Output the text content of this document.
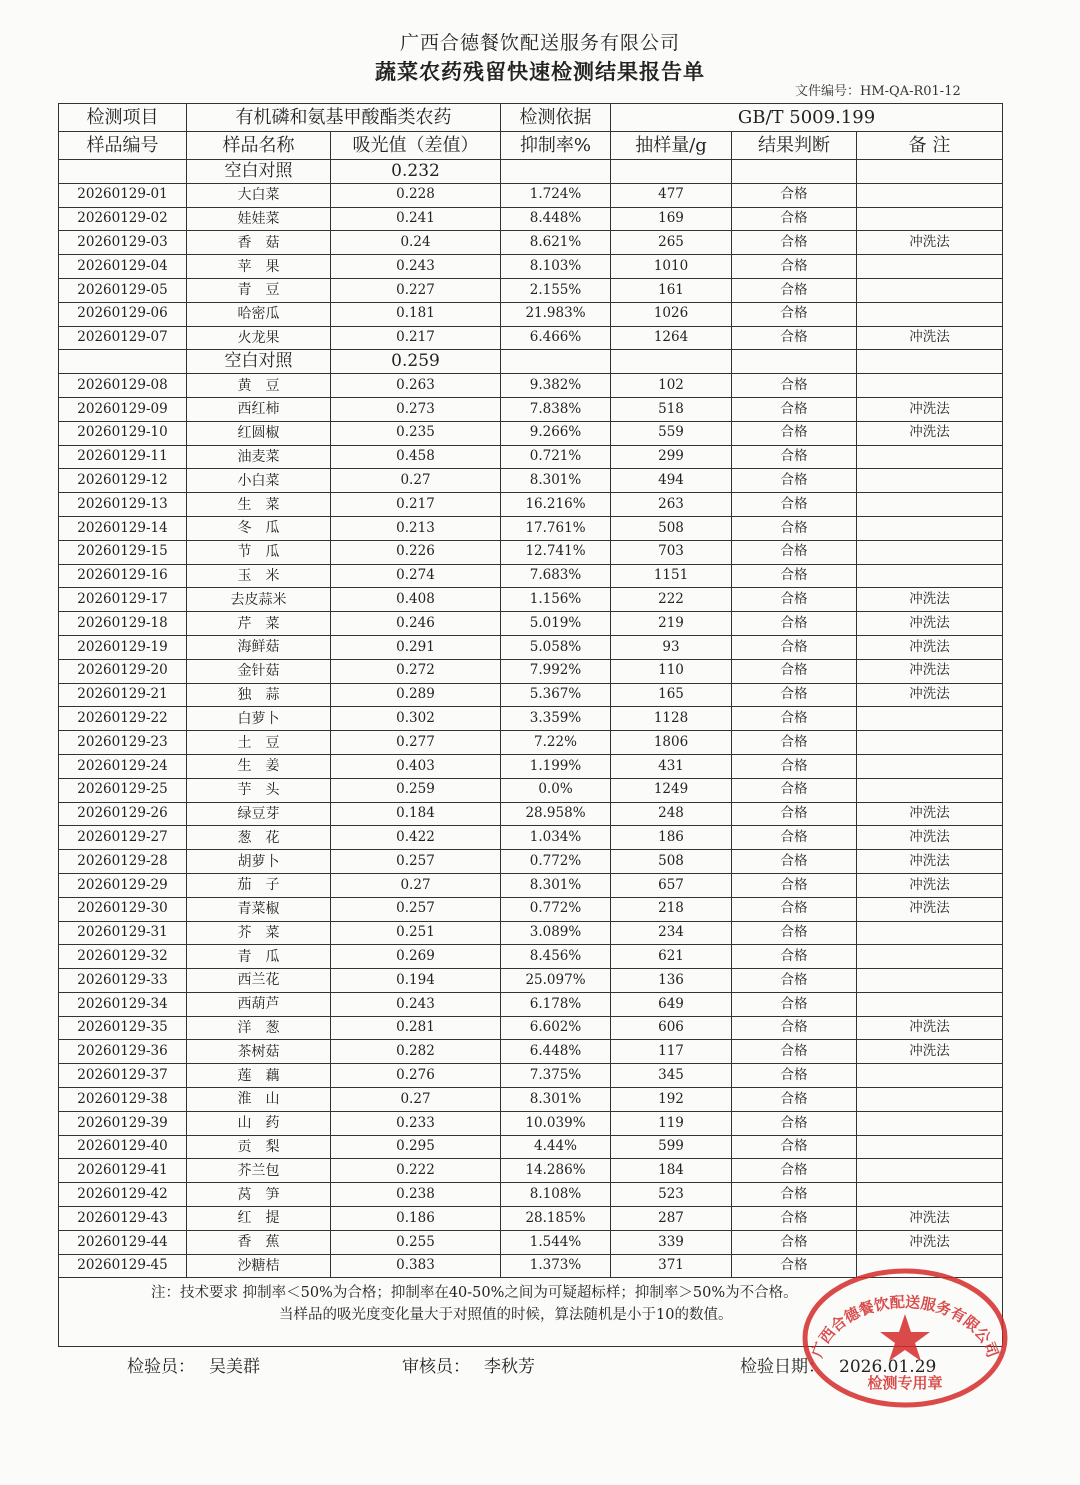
广西合德餐饮配送服务有限公司
蔬菜农药残留快速检测结果报告单
文件编号：HM-QA-R01-12
检测项目	有机磷和氨基甲酸酯类农药		检测依据	GB/T 5009.199		
样品编号	样品名称	吸光值（差值）	抑制率%	抽样量/g	结果判断	备 注
	空白对照	0.232				
20260129-01	大白菜	0.228	1.724%	477	合格	
20260129-02	娃娃菜	0.241	8.448%	169	合格	
20260129-03	香　菇	0.24	8.621%	265	合格	冲洗法
20260129-04	苹　果	0.243	8.103%	1010	合格	
20260129-05	青　豆	0.227	2.155%	161	合格	
20260129-06	哈密瓜	0.181	21.983%	1026	合格	
20260129-07	火龙果	0.217	6.466%	1264	合格	冲洗法
	空白对照	0.259				
20260129-08	黄　豆	0.263	9.382%	102	合格	
20260129-09	西红柿	0.273	7.838%	518	合格	冲洗法
20260129-10	红圆椒	0.235	9.266%	559	合格	冲洗法
20260129-11	油麦菜	0.458	0.721%	299	合格	
20260129-12	小白菜	0.27	8.301%	494	合格	
20260129-13	生　菜	0.217	16.216%	263	合格	
20260129-14	冬　瓜	0.213	17.761%	508	合格	
20260129-15	节　瓜	0.226	12.741%	703	合格	
20260129-16	玉　米	0.274	7.683%	1151	合格	
20260129-17	去皮蒜米	0.408	1.156%	222	合格	冲洗法
20260129-18	芹　菜	0.246	5.019%	219	合格	冲洗法
20260129-19	海鲜菇	0.291	5.058%	93	合格	冲洗法
20260129-20	金针菇	0.272	7.992%	110	合格	冲洗法
20260129-21	独　蒜	0.289	5.367%	165	合格	冲洗法
20260129-22	白萝卜	0.302	3.359%	1128	合格	
20260129-23	土　豆	0.277	7.22%	1806	合格	
20260129-24	生　姜	0.403	1.199%	431	合格	
20260129-25	芋　头	0.259	0.0%	1249	合格	
20260129-26	绿豆芽	0.184	28.958%	248	合格	冲洗法
20260129-27	葱　花	0.422	1.034%	186	合格	冲洗法
20260129-28	胡萝卜	0.257	0.772%	508	合格	冲洗法
20260129-29	茄　子	0.27	8.301%	657	合格	冲洗法
20260129-30	青菜椒	0.257	0.772%	218	合格	冲洗法
20260129-31	芥　菜	0.251	3.089%	234	合格	
20260129-32	青　瓜	0.269	8.456%	621	合格	
20260129-33	西兰花	0.194	25.097%	136	合格	
20260129-34	西葫芦	0.243	6.178%	649	合格	
20260129-35	洋　葱	0.281	6.602%	606	合格	冲洗法
20260129-36	茶树菇	0.282	6.448%	117	合格	冲洗法
20260129-37	莲　藕	0.276	7.375%	345	合格	
20260129-38	淮　山	0.27	8.301%	192	合格	
20260129-39	山　药	0.233	10.039%	119	合格	
20260129-40	贡　梨	0.295	4.44%	599	合格	
20260129-41	芥兰包	0.222	14.286%	184	合格	
20260129-42	莴　笋	0.238	8.108%	523	合格	
20260129-43	红　提	0.186	28.185%	287	合格	冲洗法
20260129-44	香　蕉	0.255	1.544%	339	合格	冲洗法
20260129-45	沙糖桔	0.383	1.373%	371	合格	

注：技术要求 抑制率＜50%为合格；抑制率在40-50%之间为可疑超标样；抑制率＞50%为不合格。
当样品的吸光度变化量大于对照值的时候，算法随机是小于10的数值。						
检验员： 吴美群	审核员： 李秋芳	检验日期： 2026.01.29
广西合德餐饮配送服务有限公司
检测专用章
